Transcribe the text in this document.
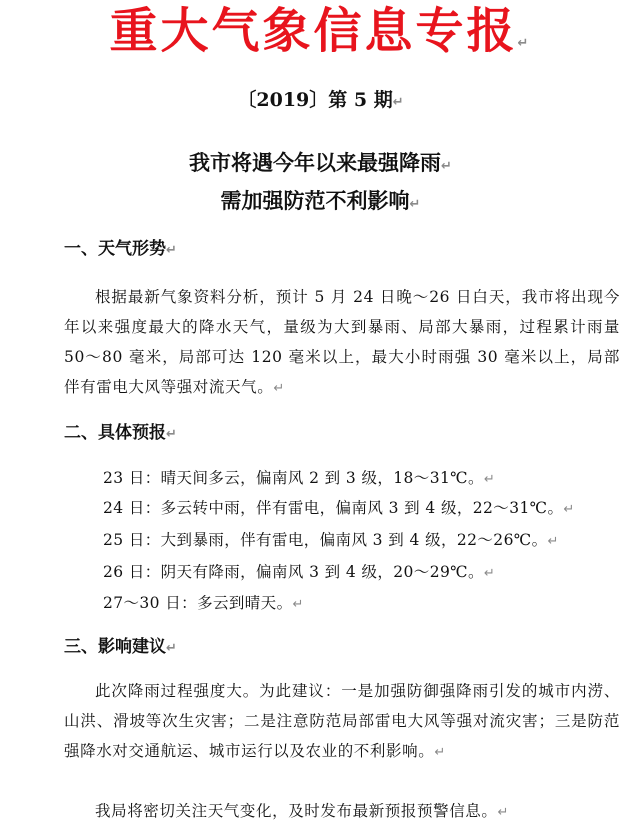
重大气象信息专报↵
〔2019〕第 5 期↵
我市将遇今年以来最强降雨↵
需加强防范不利影响↵
一、天气形势↵

根据最新气象资料分析，预计 5 月 24 日晚～26 日白天，我市将出现今年以来强度最大的降水天气，量级为大到暴雨、局部大暴雨，过程累计雨量 50～80 毫米，局部可达 120 毫米以上，最大小时雨强 30 毫米以上，局部伴有雷电大风等强对流天气。↵

二、具体预报↵
23 日：晴天间多云，偏南风 2 到 3 级，18～31℃。↵
24 日：多云转中雨，伴有雷电，偏南风 3 到 4 级，22～31℃。↵
25 日：大到暴雨，伴有雷电，偏南风 3 到 4 级，22～26℃。↵
26 日：阴天有降雨，偏南风 3 到 4 级，20～29℃。↵
27～30 日：多云到晴天。↵
三、影响建议↵

此次降雨过程强度大。为此建议：一是加强防御强降雨引发的城市内涝、山洪、滑坡等次生灾害；二是注意防范局部雷电大风等强对流灾害；三是防范强降水对交通航运、城市运行以及农业的不利影响。↵

我局将密切关注天气变化，及时发布最新预报预警信息。↵
